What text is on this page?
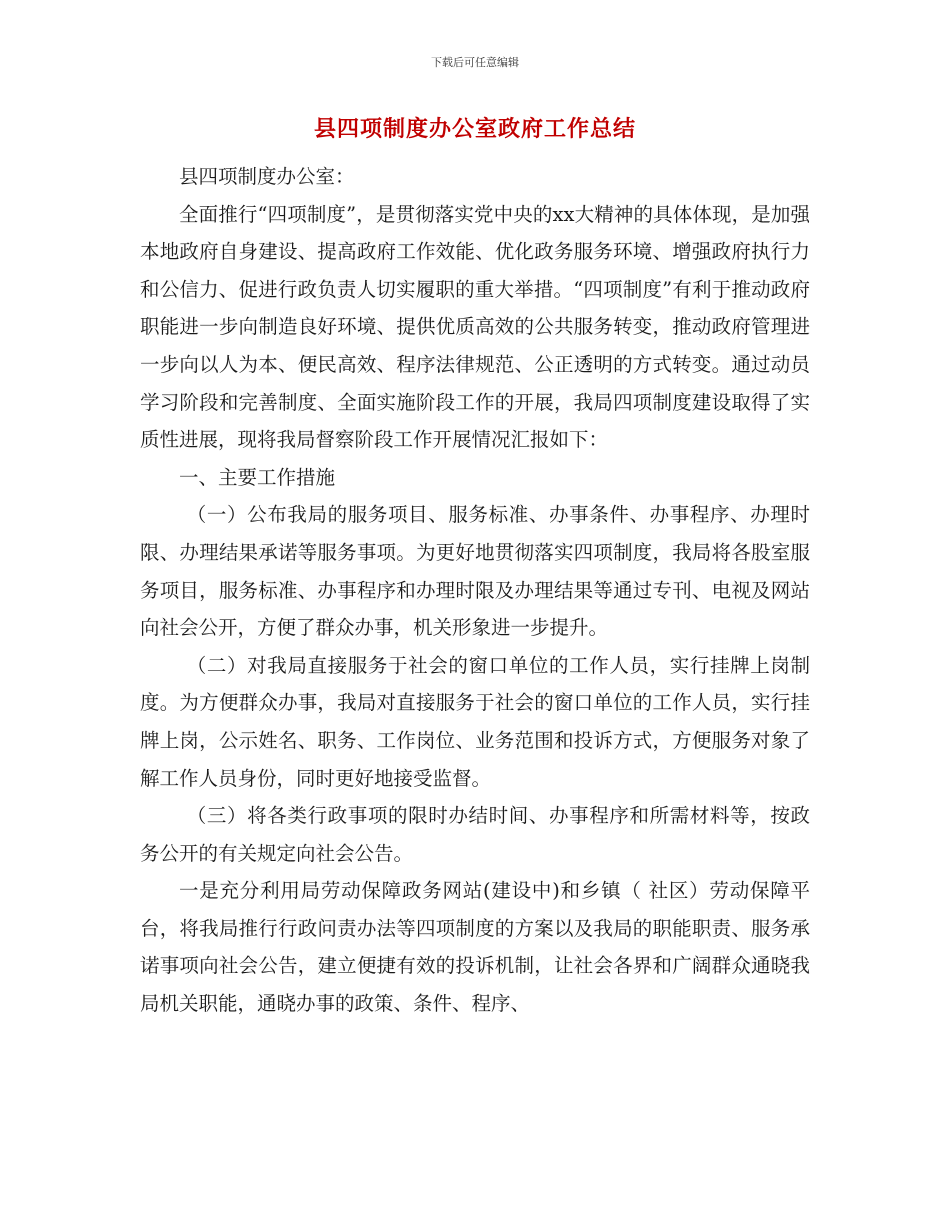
下载后可任意编辑
县四项制度办公室政府工作总结

县四项制度办公室：

全面推行“四项制度”，是贯彻落实党中央的xx大精神的具体体现，是加强本地政府自身建设、提高政府工作效能、优化政务服务环境、增强政府执行力和公信力、促进行政负责人切实履职的重大举措。“四项制度”有利于推动政府职能进一步向制造良好环境、提供优质高效的公共服务转变，推动政府管理进一步向以人为本、便民高效、程序法律规范、公正透明的方式转变。通过动员学习阶段和完善制度、全面实施阶段工作的开展，我局四项制度建设取得了实质性进展，现将我局督察阶段工作开展情况汇报如下：

一、主要工作措施

（一）公布我局的服务项目、服务标准、办事条件、办事程序、办理时限、办理结果承诺等服务事项。为更好地贯彻落实四项制度，我局将各股室服务项目，服务标准、办事程序和办理时限及办理结果等通过专刊、电视及网站向社会公开，方便了群众办事，机关形象进一步提升。

（二）对我局直接服务于社会的窗口单位的工作人员，实行挂牌上岗制度。为方便群众办事，我局对直接服务于社会的窗口单位的工作人员，实行挂牌上岗，公示姓名、职务、工作岗位、业务范围和投诉方式，方便服务对象了解工作人员身份，同时更好地接受监督。

（三）将各类行政事项的限时办结时间、办事程序和所需材料等，按政务公开的有关规定向社会公告。

一是充分利用局劳动保障政务网站(建设中)和乡镇（ 社区）劳动保障平台，将我局推行行政问责办法等四项制度的方案以及我局的职能职责、服务承诺事项向社会公告，建立便捷有效的投诉机制，让社会各界和广阔群众通晓我局机关职能，通晓办事的政策、条件、程序、
